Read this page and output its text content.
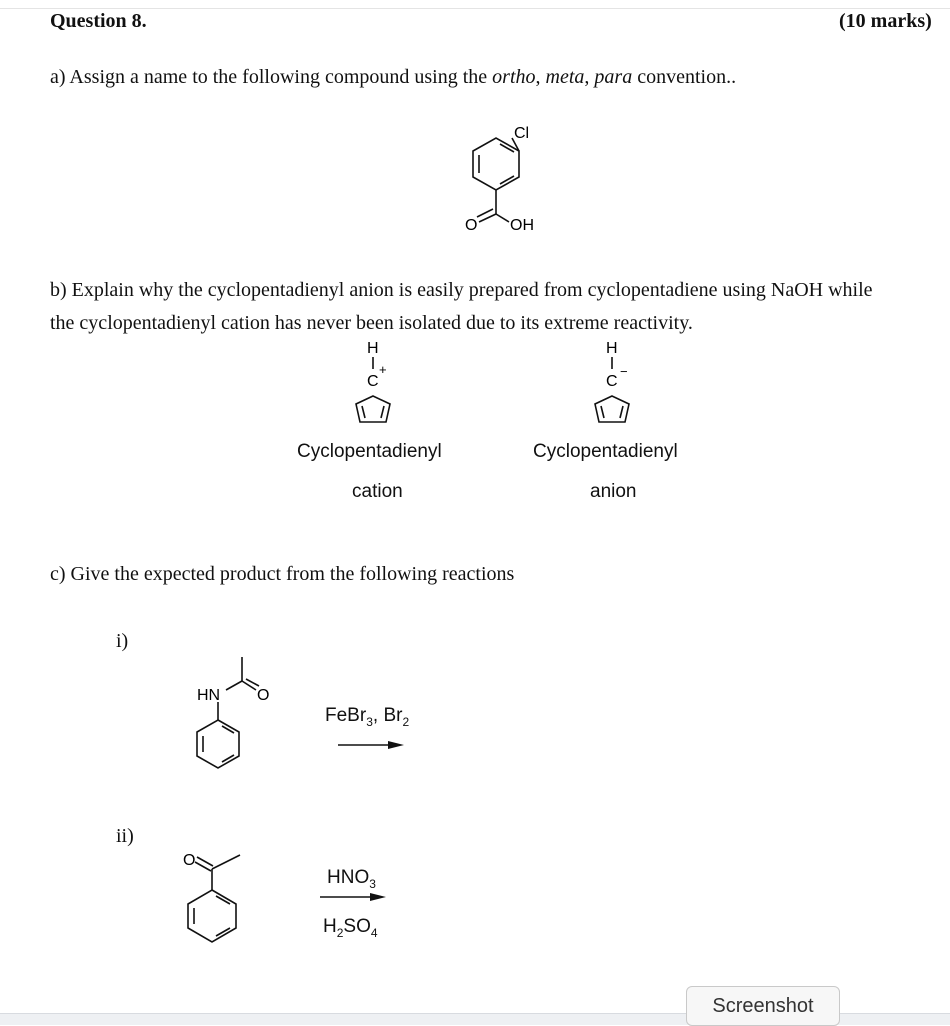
Question 8.	(10 marks)
a) Assign a name to the following compound using the ortho, meta, para convention..
Cl
O OH
b) Explain why the cyclopentadienyl anion is easily prepared from cyclopentadiene using NaOH while
the cyclopentadienyl cation has never been isolated due to its extreme reactivity.
H
C
+
H
C
−
Cyclopentadienyl
cation
Cyclopentadienyl
anion
c) Give the expected product from the following reactions
i)
HN O
FeBr$_3$, $Br_2$
ii)
O
$HNO_3$
$H_2SO_4$
Screenshot
